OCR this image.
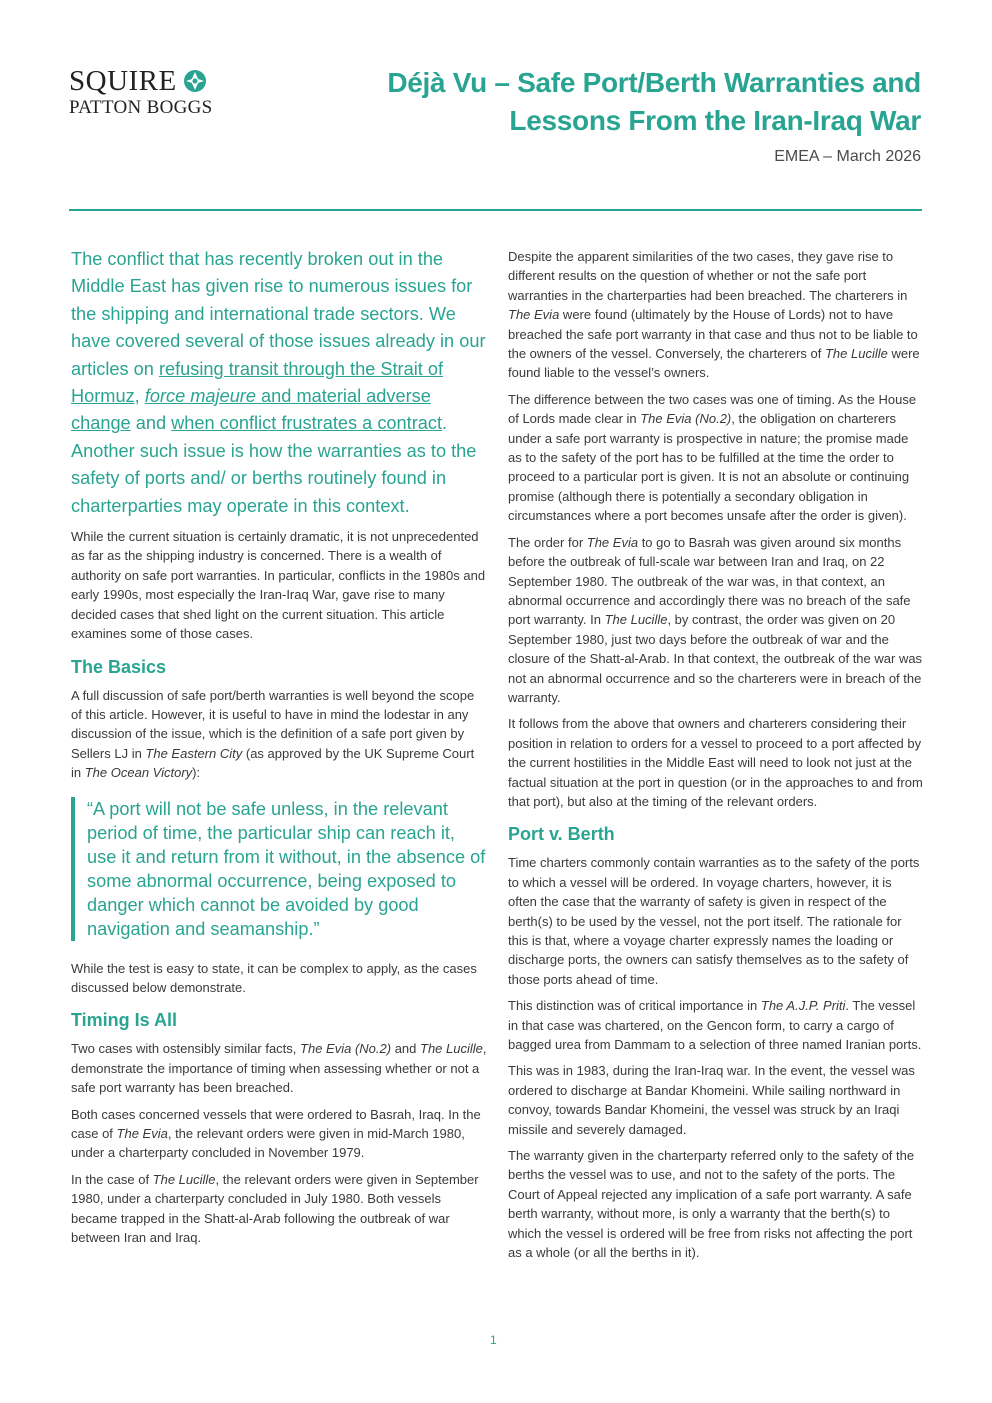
SQUIRE
PATTON BOGGS
Déjà Vu – Safe Port/Berth Warranties and Lessons From the Iran-Iraq War
EMEA – March 2026

The conflict that has recently broken out in the Middle East has given rise to numerous issues for the shipping and international trade sectors. We have covered several of those issues already in our articles on refusing transit through the Strait of Hormuz, force majeure and material adverse change and when conflict frustrates a contract. Another such issue is how the warranties as to the safety of ports and/ or berths routinely found in charterparties may operate in this context.

While the current situation is certainly dramatic, it is not unprecedented as far as the shipping industry is concerned. There is a wealth of authority on safe port warranties. In particular, conflicts in the 1980s and early 1990s, most especially the Iran-Iraq War, gave rise to many decided cases that shed light on the current situation. This article examines some of those cases.

The Basics

A full discussion of safe port/berth warranties is well beyond the scope of this article. However, it is useful to have in mind the lodestar in any discussion of the issue, which is the definition of a safe port given by Sellers LJ in The Eastern City (as approved by the UK Supreme Court in The Ocean Victory):

“A port will not be safe unless, in the relevant period of time, the particular ship can reach it, use it and return from it without, in the absence of some abnormal occurrence, being exposed to danger which cannot be avoided by good navigation and seamanship.”

While the test is easy to state, it can be complex to apply, as the cases discussed below demonstrate.

Timing Is All

Two cases with ostensibly similar facts, The Evia (No.2) and The Lucille, demonstrate the importance of timing when assessing whether or not a safe port warranty has been breached.

Both cases concerned vessels that were ordered to Basrah, Iraq. In the case of The Evia, the relevant orders were given in mid-March 1980, under a charterparty concluded in November 1979.

In the case of The Lucille, the relevant orders were given in September 1980, under a charterparty concluded in July 1980. Both vessels became trapped in the Shatt-al-Arab following the outbreak of war between Iran and Iraq.

Despite the apparent similarities of the two cases, they gave rise to different results on the question of whether or not the safe port warranties in the charterparties had been breached. The charterers in The Evia were found (ultimately by the House of Lords) not to have breached the safe port warranty in that case and thus not to be liable to the owners of the vessel. Conversely, the charterers of The Lucille were found liable to the vessel’s owners.

The difference between the two cases was one of timing. As the House of Lords made clear in The Evia (No.2), the obligation on charterers under a safe port warranty is prospective in nature; the promise made as to the safety of the port has to be fulfilled at the time the order to proceed to a particular port is given. It is not an absolute or continuing promise (although there is potentially a secondary obligation in circumstances where a port becomes unsafe after the order is given).

The order for The Evia to go to Basrah was given around six months before the outbreak of full-scale war between Iran and Iraq, on 22 September 1980. The outbreak of the war was, in that context, an abnormal occurrence and accordingly there was no breach of the safe port warranty. In The Lucille, by contrast, the order was given on 20 September 1980, just two days before the outbreak of war and the closure of the Shatt-al-Arab. In that context, the outbreak of the war was not an abnormal occurrence and so the charterers were in breach of the warranty.

It follows from the above that owners and charterers considering their position in relation to orders for a vessel to proceed to a port affected by the current hostilities in the Middle East will need to look not just at the factual situation at the port in question (or in the approaches to and from that port), but also at the timing of the relevant orders.

Port v. Berth

Time charters commonly contain warranties as to the safety of the ports to which a vessel will be ordered. In voyage charters, however, it is often the case that the warranty of safety is given in respect of the berth(s) to be used by the vessel, not the port itself. The rationale for this is that, where a voyage charter expressly names the loading or discharge ports, the owners can satisfy themselves as to the safety of those ports ahead of time.

This distinction was of critical importance in The A.J.P. Priti. The vessel in that case was chartered, on the Gencon form, to carry a cargo of bagged urea from Dammam to a selection of three named Iranian ports.

This was in 1983, during the Iran-Iraq war. In the event, the vessel was ordered to discharge at Bandar Khomeini. While sailing northward in convoy, towards Bandar Khomeini, the vessel was struck by an Iraqi missile and severely damaged.

The warranty given in the charterparty referred only to the safety of the berths the vessel was to use, and not to the safety of the ports. The Court of Appeal rejected any implication of a safe port warranty. A safe berth warranty, without more, is only a warranty that the berth(s) to which the vessel is ordered will be free from risks not affecting the port as a whole (or all the berths in it).

1
